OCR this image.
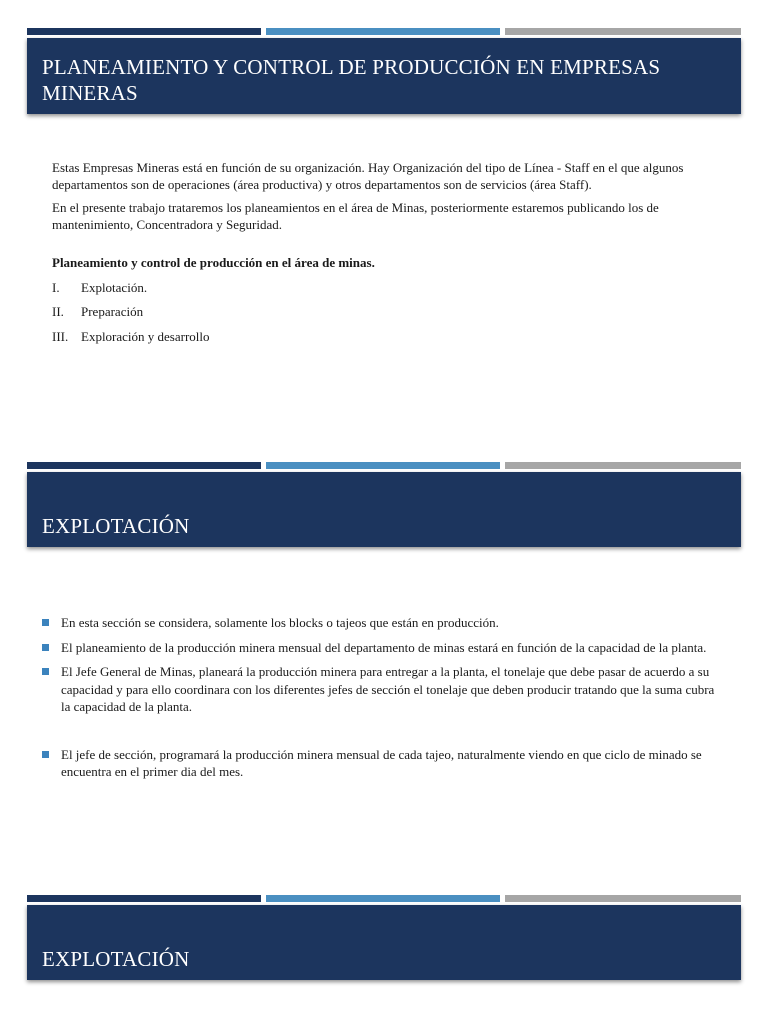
PLANEAMIENTO Y CONTROL DE PRODUCCIÓN EN EMPRESAS MINERAS

Estas Empresas Mineras está en función de su organización. Hay Organización del tipo de Línea - Staff en el que algunos departamentos son de operaciones (área productiva) y otros departamentos son de servicios (área Staff).

En el presente trabajo trataremos los planeamientos en el área de Minas, posteriormente estaremos publicando los de mantenimiento, Concentradora y Seguridad.

Planeamiento y control de producción en el área de minas.

I.	Explotación.
II.	Preparación
III. Exploración y desarrollo
EXPLOTACIÓN
En esta sección se considera, solamente los blocks o tajeos que están en producción.
El planeamiento de la producción minera mensual del departamento de minas estará en función de la capacidad de la planta.
El Jefe General de Minas, planeará la producción minera para entregar a la planta, el tonelaje que debe pasar de acuerdo a su capacidad y para ello coordinara con los diferentes jefes de sección el tonelaje que deben producir tratando que la suma cubra la capacidad de la planta.
El jefe de sección, programará la producción minera mensual de cada tajeo, naturalmente viendo en que ciclo de minado se encuentra en el primer dia del mes.
EXPLOTACIÓN
